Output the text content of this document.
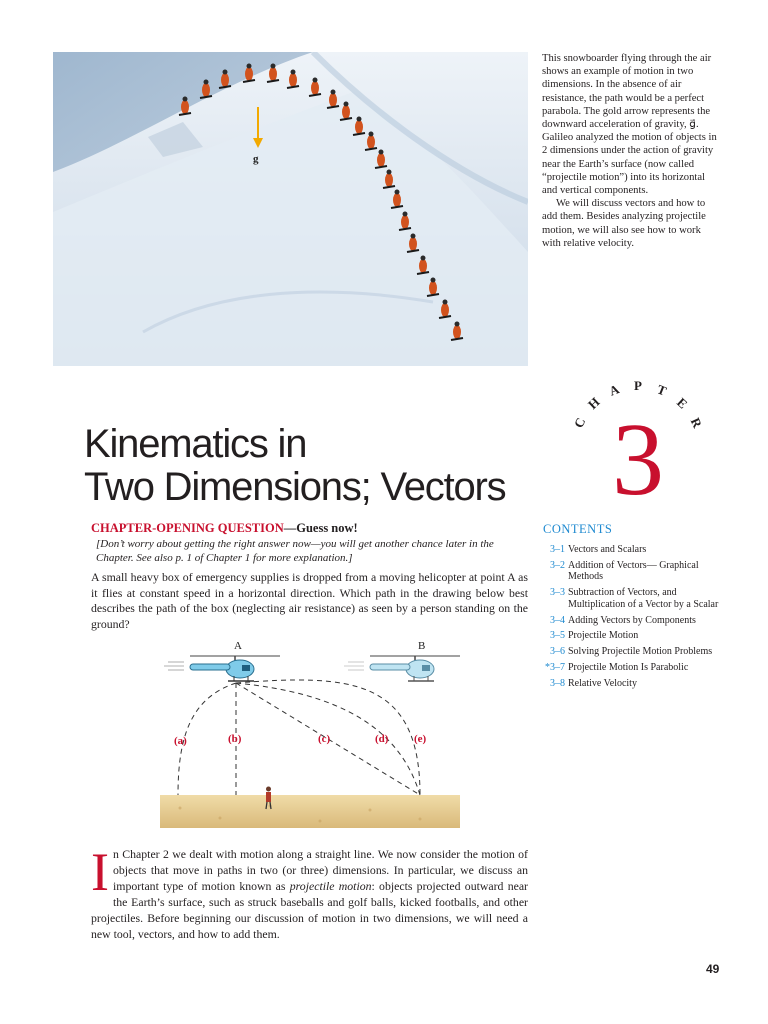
g⃗

This snowboarder flying through the air shows an example of motion in two dimensions. In the absence of air resistance, the path would be a perfect parabola. The gold arrow represents the downward acceleration of gravity, g⃗. Galileo analyzed the motion of objects in 2 dimensions under the action of gravity near the Earth’s surface (now called “projectile motion”) into its horizontal and vertical components.

We will discuss vectors and how to add them. Besides analyzing projectile motion, we will also see how to work with relative velocity.

C
H
A P T
E
R
3
Kinematics in
Two Dimensions; Vectors
CHAPTER-OPENING QUESTION—Guess now!
[Don’t worry about getting the right answer now—you will get another chance later in the Chapter. See also p. 1 of Chapter 1 for more explanation.]
A small heavy box of emergency supplies is dropped from a moving helicopter at point A as it flies at constant speed in a horizontal direction. Which path in the drawing below best describes the path of the box (neglecting air resistance) as seen by a person standing on the ground?
A	B
(a)	(b)	(c)	(d) (e)
CONTENTS
3–1 Vectors and Scalars
3–2 Addition of Vectors— Graphical Methods
3–3 Subtraction of Vectors, and Multiplication of a Vector by a Scalar
3–4 Adding Vectors by Components
3–5 Projectile Motion
3–6 Solving Projectile Motion Problems
*3–7 Projectile Motion Is Parabolic
3–8 Relative Velocity
In Chapter 2 we dealt with motion along a straight line. We now consider the motion of objects that move in paths in two (or three) dimensions. In particular, we discuss an important type of motion known as projectile motion: objects projected outward near the Earth’s surface, such as struck baseballs and golf balls, kicked footballs, and other projectiles. Before beginning our discussion of motion in two dimensions, we will need a new tool, vectors, and how to add them.
49
